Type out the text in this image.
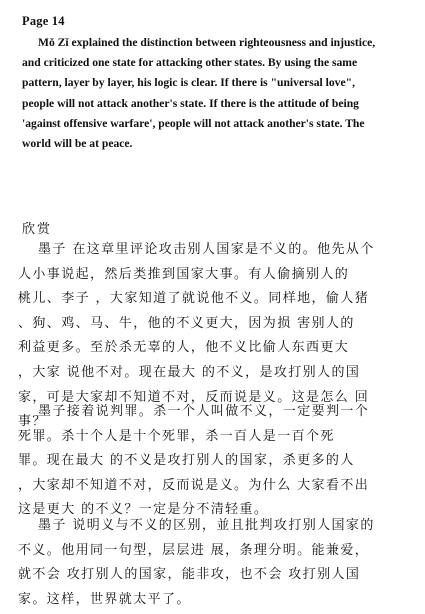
Page 14
Mǒ Zǐ explained the distinction between righteousness and injustice,
and criticized one state for attacking other states. By using the same
pattern, layer by layer, his logic is clear. If there is "universal love",
people will not attack another's state. If there is the attitude of being
'against offensive warfare', people will not attack another's state. The
world will be at peace.
欣赏
墨子 在这章里评论攻击别人国家是不义的。他先从个
人小事说起，然后类推到国家大事。有人偷摘别人的
桃儿、李子 ，大家知道了就说他不义。同样地，偷人猪
、狗、鸡、马、牛，他的不义更大，因为损 害别人的
利益更多。至於杀无辜的人，他不义比偷人东西更大
，大家 说他不对。现在最大 的不义，是攻打别人的国
家，可是大家却不知道不对，反而说是义。这是怎么 回
事？
墨子接着说判罪。杀一个人叫做不义，一定要判一个
死罪。杀十个人是十个死罪，杀一百人是一百个死
罪。现在最大 的不义是攻打别人的国家，杀更多的人
，大家却不知道不对，反而说是义。为什么 大家看不出
这是更大 的不义？一定是分不清轻重。
墨子 说明义与不义的区别，並且批判攻打别人国家的
不义。他用同一句型，层层进 展，条理分明。能兼爱，
就不会 攻打别人的国家，能非攻，也不会 攻打别人国
家。这样，世界就太平了。
